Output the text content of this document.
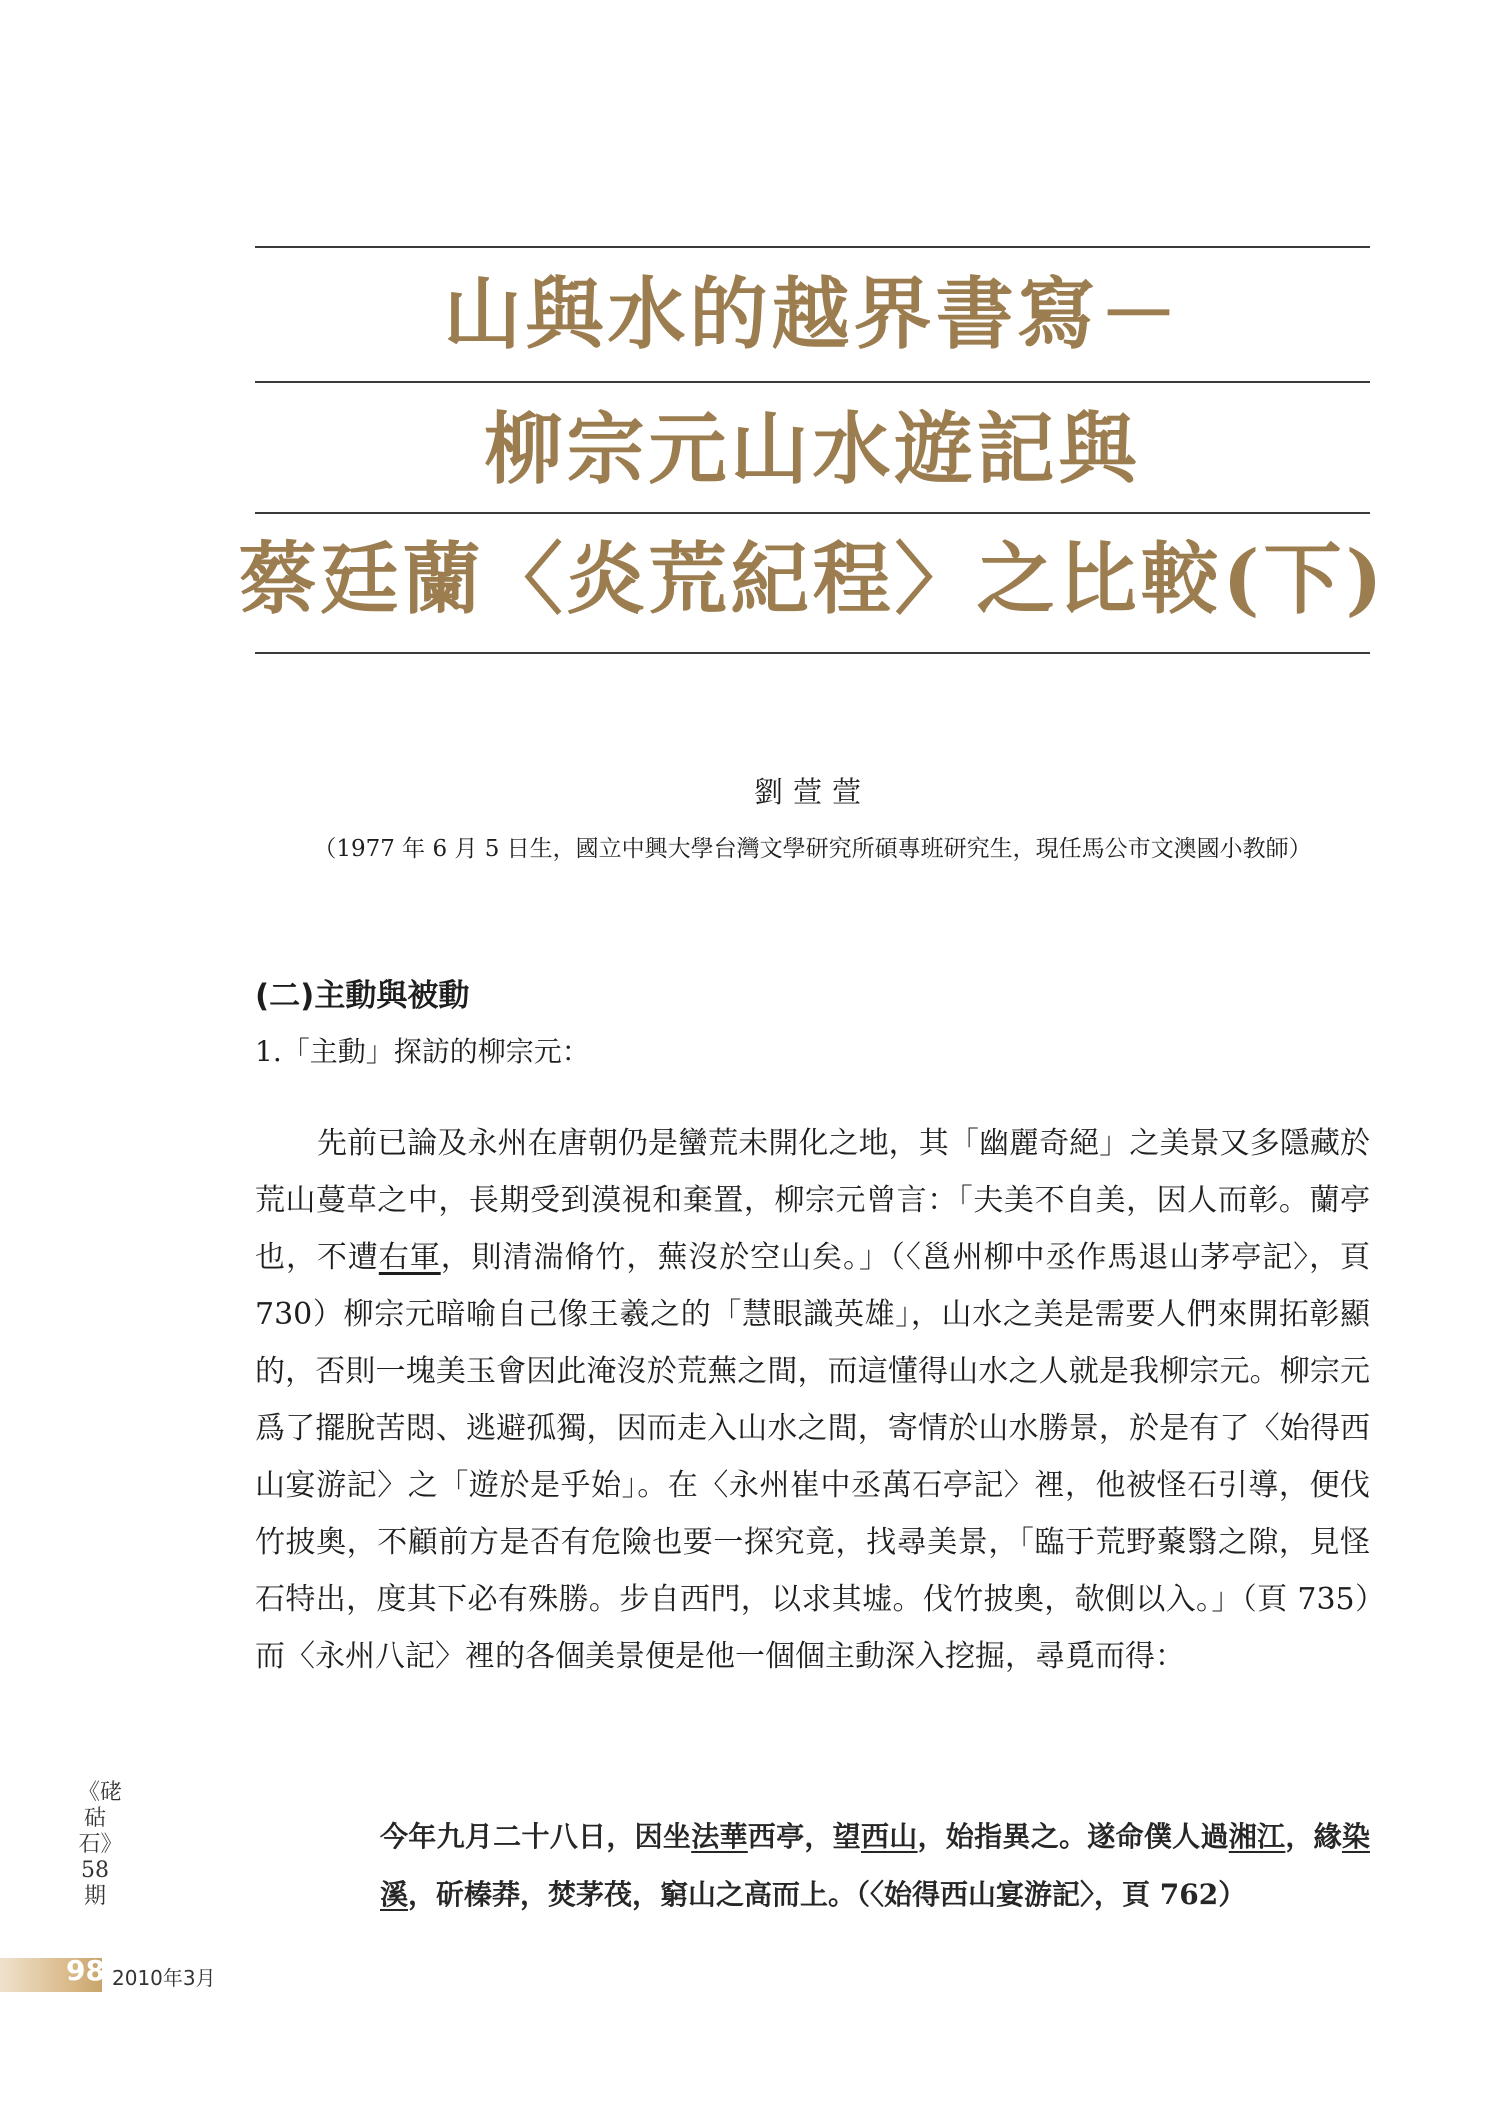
山與水的越界書寫－
柳宗元山水遊記與
蔡廷蘭〈炎荒紀程〉之比較(下)
劉萱萱
（1977 年 6 月 5 日生，國立中興大學台灣文學研究所碩專班研究生，現任馬公市文澳國小教師）
(二)主動與被動
1.「主動」探訪的柳宗元：

先前已論及永州在唐朝仍是蠻荒未開化之地，其「幽麗奇絕」之美景又多隱藏於荒山蔓草之中，長期受到漠視和棄置，柳宗元曾言：「夫美不自美，因人而彰。蘭亭也，不遭右軍，則清湍脩竹，蕪沒於空山矣。」（〈邕州柳中丞作馬退山茅亭記〉，頁 730）柳宗元暗喻自己像王羲之的「慧眼識英雄」，山水之美是需要人們來開拓彰顯的，否則一塊美玉會因此淹沒於荒蕪之間，而這懂得山水之人就是我柳宗元。柳宗元爲了擺脫苦悶、逃避孤獨，因而走入山水之間，寄情於山水勝景，於是有了〈始得西山宴游記〉之「遊於是乎始」。在〈永州崔中丞萬石亭記〉裡，他被怪石引導，便伐竹披奧，不顧前方是否有危險也要一探究竟，找尋美景，「臨于荒野藂翳之隙，見怪石特出，度其下必有殊勝。步自西門，以求其墟。伐竹披奧，欹側以入。」（頁 735）而〈永州八記〉裡的各個美景便是他一個個主動深入挖掘，尋覓而得：

今年九月二十八日，因坐法華西亭，望西山，始指異之。遂命僕人過湘江，緣染溪，斫榛莽，焚茅茷，窮山之高而上。（〈始得西山宴游記〉，頁 762）

《硓𥑮石》58期
98 2010年3月
